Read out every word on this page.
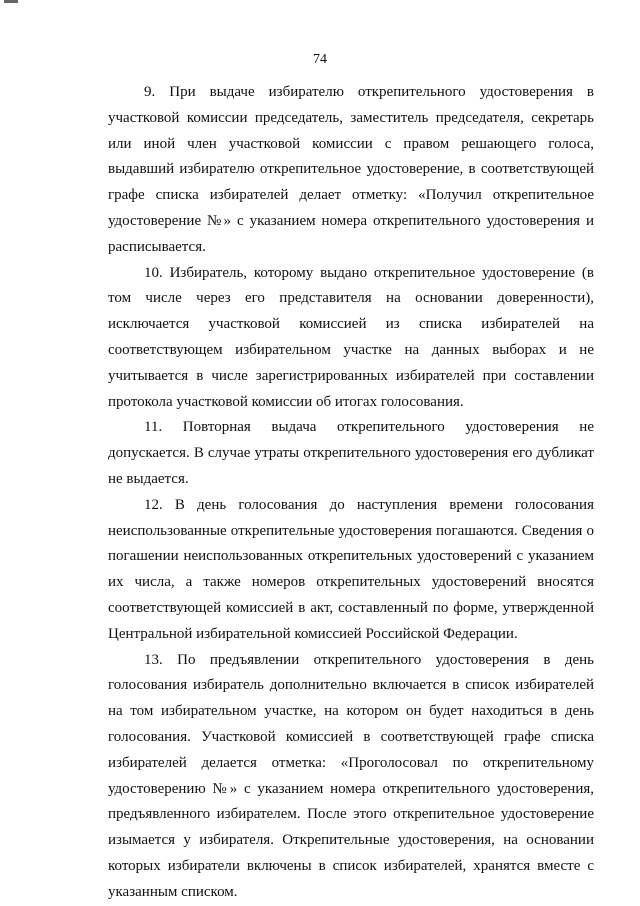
74

9. При выдаче избирателю открепительного удостоверения в участковой комиссии председатель, заместитель председателя, секретарь или иной член участковой комиссии с правом решающего голоса, выдавший избирателю открепительное удостоверение, в соответствующей графе списка избирателей делает отметку: «Получил открепительное удостоверение №» с указанием номера открепительного удостоверения и расписывается.

10. Избиратель, которому выдано открепительное удостоверение (в том числе через его представителя на основании доверенности), исключается участковой комиссией из списка избирателей на соответствующем избирательном участке на данных выборах и не учитывается в числе зарегистрированных избирателей при составлении протокола участковой комиссии об итогах голосования.

11. Повторная выдача открепительного удостоверения не допускается. В случае утраты открепительного удостоверения его дубликат не выдается.

12. В день голосования до наступления времени голосования неиспользованные открепительные удостоверения погашаются. Сведения о погашении неиспользованных открепительных удостоверений с указанием их числа, а также номеров открепительных удостоверений вносятся соответствующей комиссией в акт, составленный по форме, утвержденной Центральной избирательной комиссией Российской Федерации.

13. По предъявлении открепительного удостоверения в день голосования избиратель дополнительно включается в список избирателей на том избирательном участке, на котором он будет находиться в день голосования. Участковой комиссией в соответствующей графе списка избирателей делается отметка: «Проголосовал по открепительному удостоверению №» с указанием номера открепительного удостоверения, предъявленного избирателем. После этого открепительное удостоверение изымается у избирателя. Открепительные удостоверения, на основании которых избиратели включены в список избирателей, хранятся вместе с указанным списком.
